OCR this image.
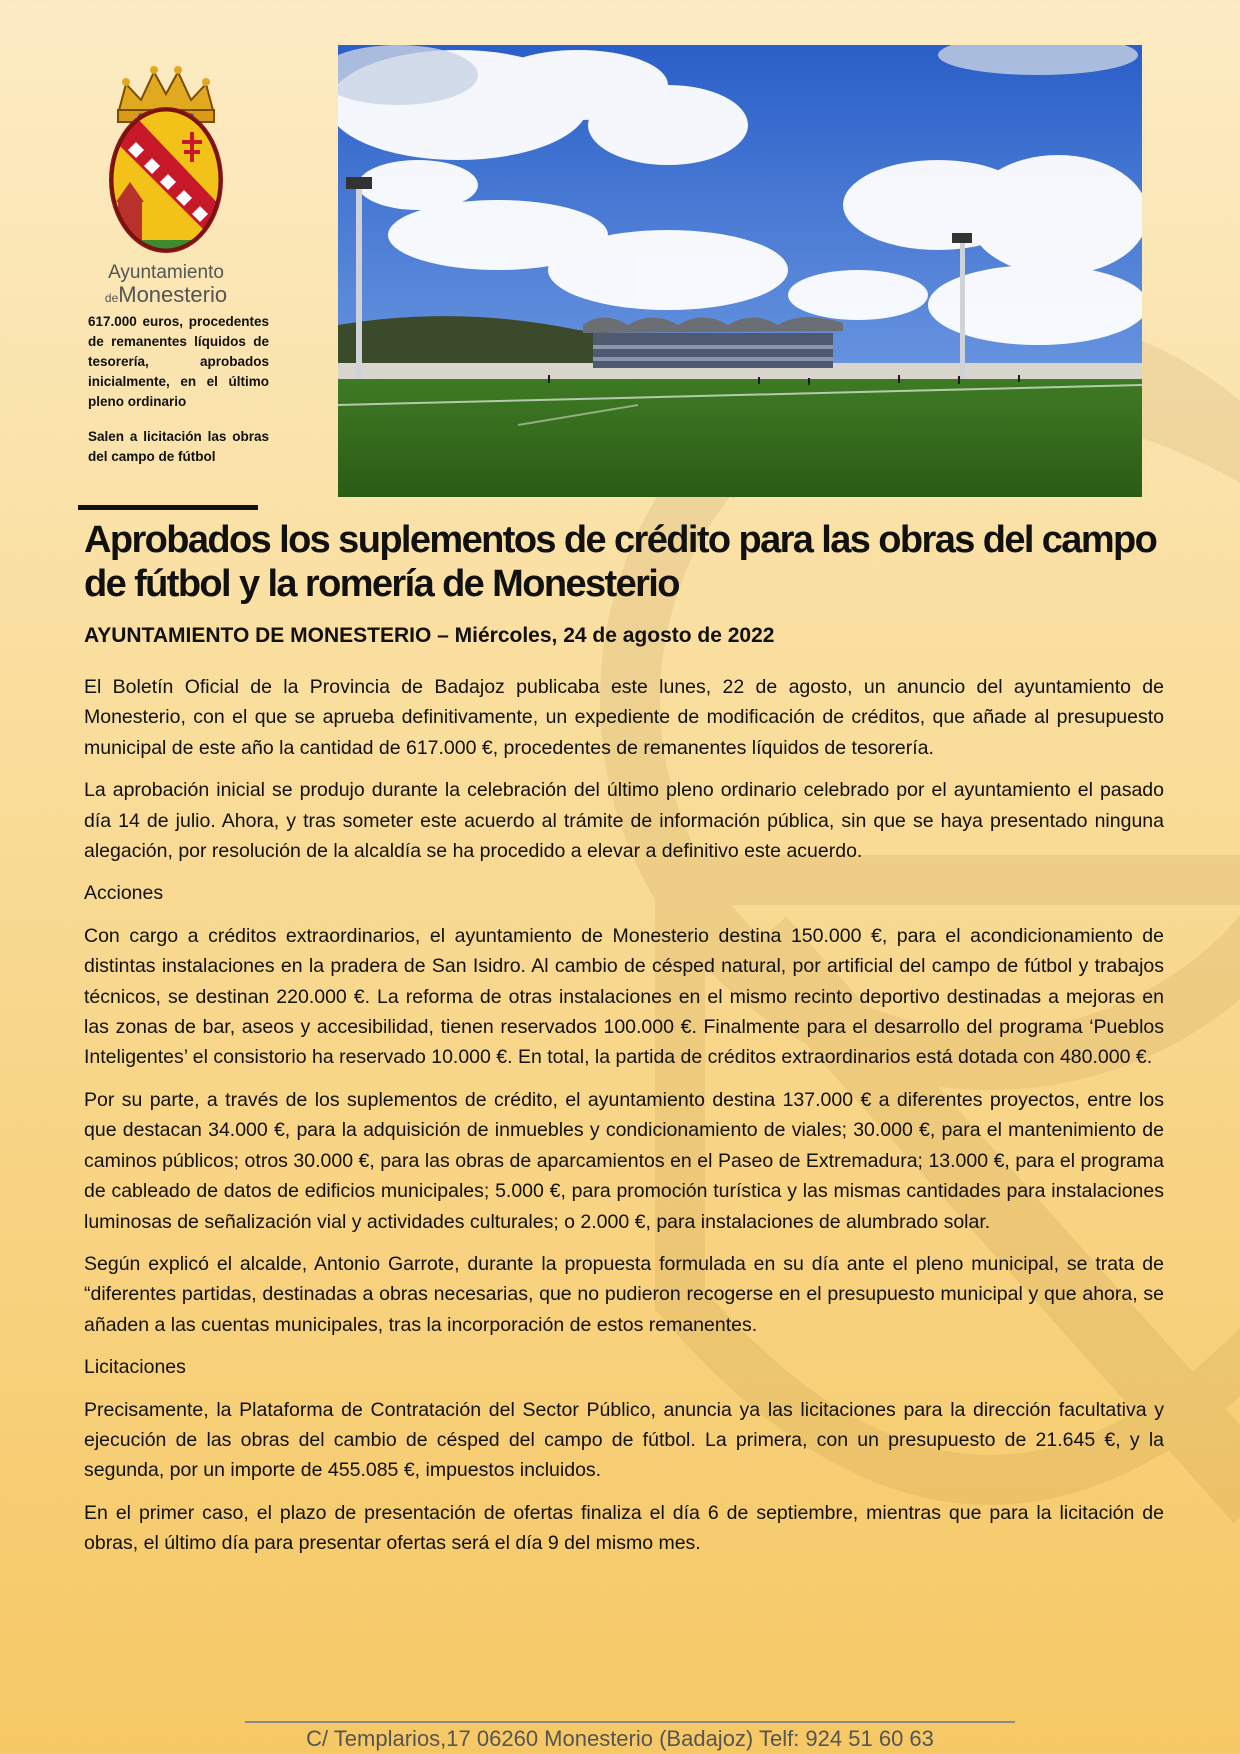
Ayuntamiento
deMonesterio

617.000 euros, procedentes de remanentes líquidos de tesorería, aprobados inicialmente, en el último pleno ordinario

Salen a licitación las obras del campo de fútbol

Aprobados los suplementos de crédito para las obras del campo de fútbol y la romería de Monesterio

AYUNTAMIENTO DE MONESTERIO – Miércoles, 24 de agosto de 2022

El Boletín Oficial de la Provincia de Badajoz publicaba este lunes, 22 de agosto, un anuncio del ayuntamiento de Monesterio, con el que se aprueba definitivamente, un expediente de modificación de créditos, que añade al presupuesto municipal de este año la cantidad de 617.000 €, procedentes de remanentes líquidos de tesorería.

La aprobación inicial se produjo durante la celebración del último pleno ordinario celebrado por el ayuntamiento el pasado día 14 de julio. Ahora, y tras someter este acuerdo al trámite de información pública, sin que se haya presentado ninguna alegación, por resolución de la alcaldía se ha procedido a elevar a definitivo este acuerdo.

Acciones

Con cargo a créditos extraordinarios, el ayuntamiento de Monesterio destina 150.000 €, para el acondicionamiento de distintas instalaciones en la pradera de San Isidro. Al cambio de césped natural, por artificial del campo de fútbol y trabajos técnicos, se destinan 220.000 €. La reforma de otras instalaciones en el mismo recinto deportivo destinadas a mejoras en las zonas de bar, aseos y accesibilidad, tienen reservados 100.000 €. Finalmente para el desarrollo del programa ‘Pueblos Inteligentes’ el consistorio ha reservado 10.000 €. En total, la partida de créditos extraordinarios está dotada con 480.000 €.

Por su parte, a través de los suplementos de crédito, el ayuntamiento destina 137.000 € a diferentes proyectos, entre los que destacan 34.000 €, para la adquisición de inmuebles y condicionamiento de viales; 30.000 €, para el mantenimiento de caminos públicos; otros 30.000 €, para las obras de aparcamientos en el Paseo de Extremadura; 13.000 €, para el programa de cableado de datos de edificios municipales; 5.000 €, para promoción turística y las mismas cantidades para instalaciones luminosas de señalización vial y actividades culturales; o 2.000 €, para instalaciones de alumbrado solar.

Según explicó el alcalde, Antonio Garrote, durante la propuesta formulada en su día ante el pleno municipal, se trata de “diferentes partidas, destinadas a obras necesarias, que no pudieron recogerse en el presupuesto municipal y que ahora, se añaden a las cuentas municipales, tras la incorporación de estos remanentes.

Licitaciones

Precisamente, la Plataforma de Contratación del Sector Público, anuncia ya las licitaciones para la dirección facultativa y ejecución de las obras del cambio de césped del campo de fútbol. La primera, con un presupuesto de 21.645 €, y la segunda, por un importe de 455.085 €, impuestos incluidos.

En el primer caso, el plazo de presentación de ofertas finaliza el día 6 de septiembre, mientras que para la licitación de obras, el último día para presentar ofertas será el día 9 del mismo mes.

C/ Templarios,17 06260 Monesterio (Badajoz) Telf: 924 51 60 63
